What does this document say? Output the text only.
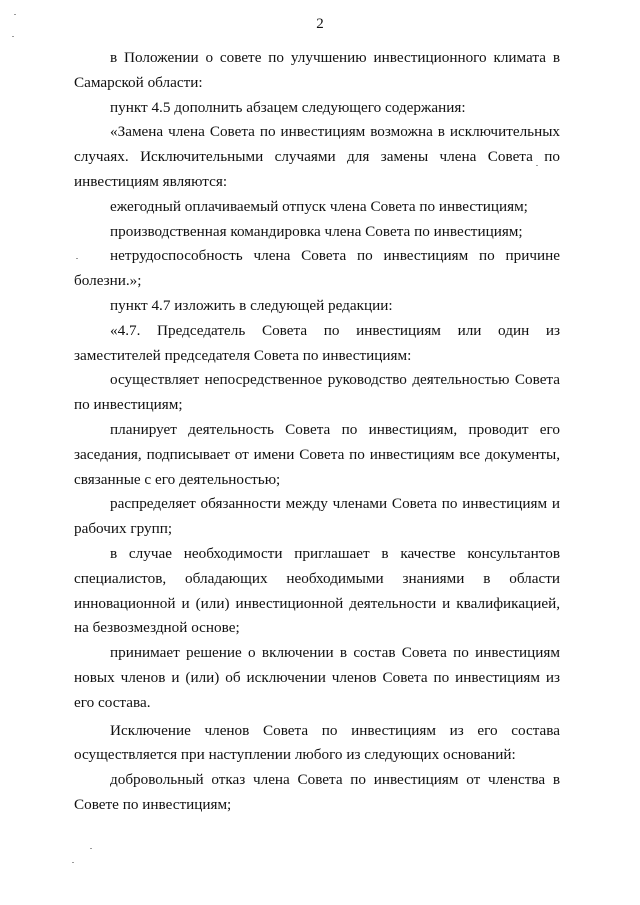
2

в Положении о совете по улучшению инвестиционного климата в Самарской области:

пункт 4.5 дополнить абзацем следующего содержания:

«Замена члена Совета по инвестициям возможна в исключительных случаях. Исключительными случаями для замены члена Совета по инвестициям являются:

ежегодный оплачиваемый отпуск члена Совета по инвестициям;

производственная командировка члена Совета по инвестициям;

нетрудоспособность члена Совета по инвестициям по причине болезни.»;

пункт 4.7 изложить в следующей редакции:

«4.7. Председатель Совета по инвестициям или один из заместителей председателя Совета по инвестициям:

осуществляет непосредственное руководство деятельностью Совета по инвестициям;

планирует деятельность Совета по инвестициям, проводит его заседания, подписывает от имени Совета по инвестициям все документы, связанные с его деятельностью;

распределяет обязанности между членами Совета по инвестициям и рабочих групп;

в случае необходимости приглашает в качестве консультантов специалистов, обладающих необходимыми знаниями в области инновационной и (или) инвестиционной деятельности и квалификацией, на безвозмездной основе;

принимает решение о включении в состав Совета по инвестициям новых членов и (или) об исключении членов Совета по инвестициям из его состава.

Исключение членов Совета по инвестициям из его состава осуществляется при наступлении любого из следующих оснований:

добровольный отказ члена Совета по инвестициям от членства в Совете по инвестициям;
